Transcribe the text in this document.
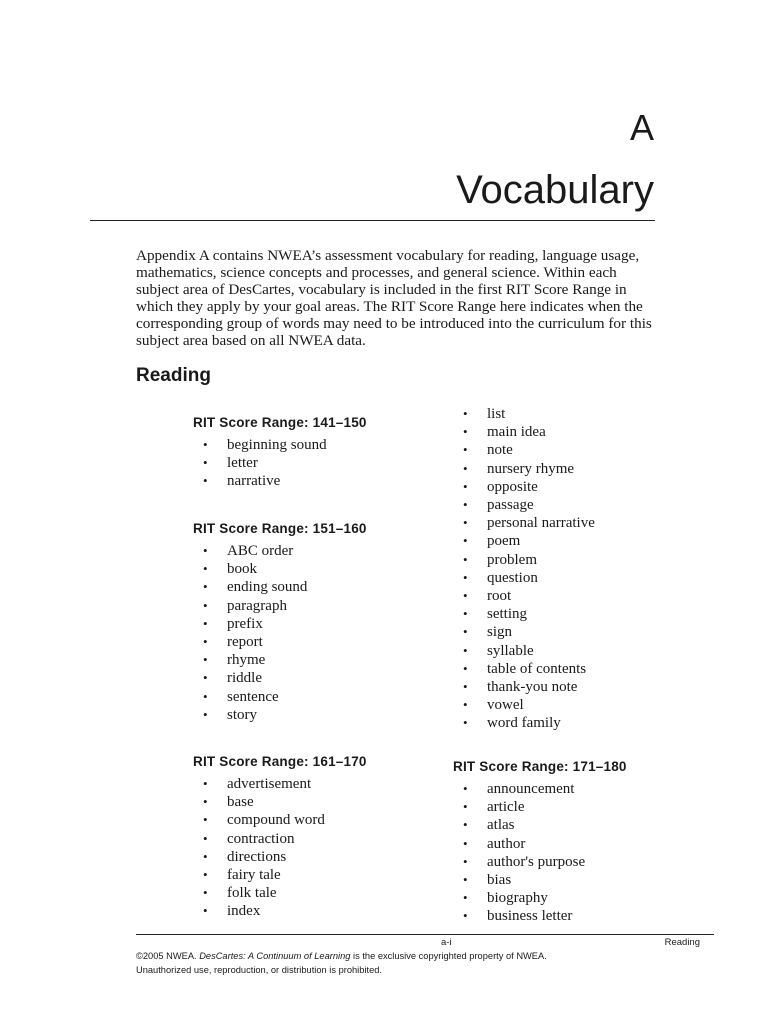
A
Vocabulary

Appendix A contains NWEA’s assessment vocabulary for reading, language usage, mathematics, science concepts and processes, and general science. Within each subject area of DesCartes, vocabulary is included in the first RIT Score Range in which they apply by your goal areas. The RIT Score Range here indicates when the corresponding group of words may need to be introduced into the curriculum for this subject area based on all NWEA data.

Reading
RIT Score Range: 141–150
• beginning sound
• letter
• narrative
RIT Score Range: 151–160
• ABC order
• book
• ending sound
• paragraph
• prefix
• report
• rhyme
• riddle
• sentence
• story
RIT Score Range: 161–170
• advertisement
• base
• compound word
• contraction
• directions
• fairy tale
• folk tale
• index
• list
• main idea
• note
• nursery rhyme
• opposite
• passage
• personal narrative
• poem
• problem
• question
• root
• setting
• sign
• syllable
• table of contents
• thank-you note
• vowel
• word family
RIT Score Range: 171–180
• announcement
• article
• atlas
• author
• author's purpose
• bias
• biography
• business letter
a-i	Reading

©2005 NWEA. DesCartes: A Continuum of Learning is the exclusive copyrighted property of NWEA.
Unauthorized use, reproduction, or distribution is prohibited.
